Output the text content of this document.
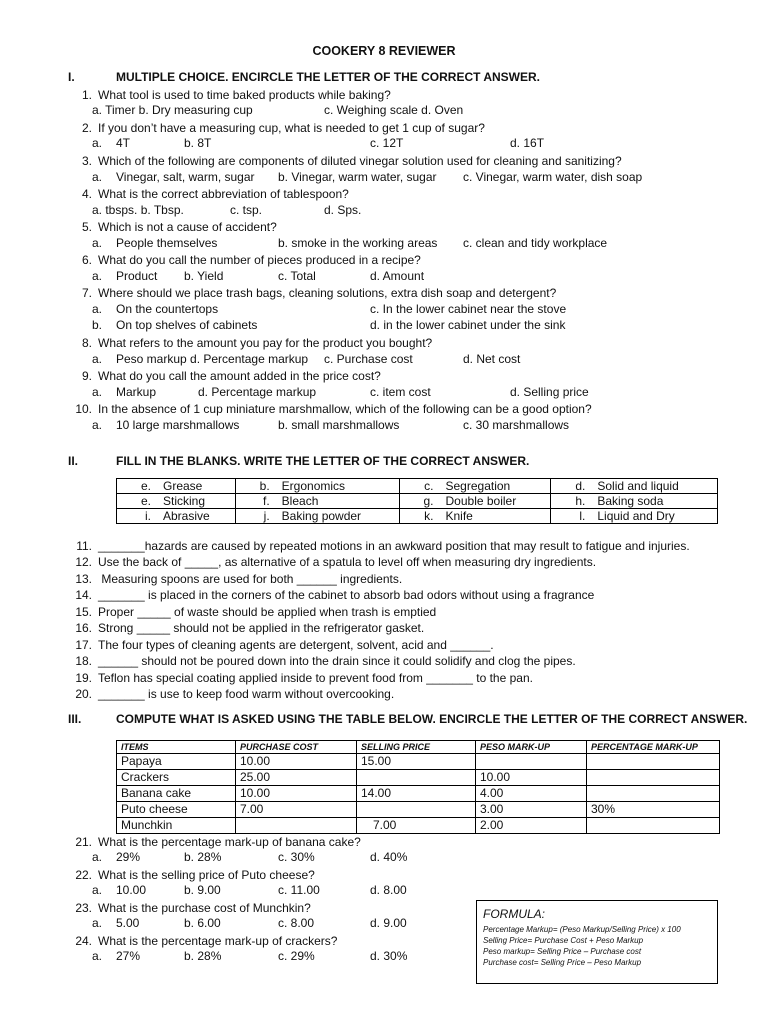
COOKERY 8 REVIEWER
I.	MULTIPLE CHOICE. ENCIRCLE THE LETTER OF THE CORRECT ANSWER.
1. What tool is used to time baked products while baking?
a. Timer b. Dry measuring cup	c. Weighing scale d. Oven
2. If you don’t have a measuring cup, what is needed to get 1 cup of sugar?
a. 4T	b. 8T	c. 12T	d. 16T
3. Which of the following are components of diluted vinegar solution used for cleaning and sanitizing?
a. Vinegar, salt, warm, sugar b. Vinegar, warm water, sugar c. Vinegar, warm water, dish soap
4. What is the correct abbreviation of tablespoon?
a. tbsps. b. Tbsp.	c. tsp.	d. Sps.
5. Which is not a cause of accident?
a. People themselves	b. smoke in the working areas c. clean and tidy workplace
6. What do you call the number of pieces produced in a recipe?
a. Product b. Yield	c. Total	d. Amount
7. Where should we place trash bags, cleaning solutions, extra dish soap and detergent?
a. On the countertops	c. In the lower cabinet near the stove
b. On top shelves of cabinets	d. in the lower cabinet under the sink
8. What refers to the amount you pay for the product you bought?
a. Peso markup d. Percentage markup c. Purchase cost	d. Net cost
9. What do you call the amount added in the price cost?
a. Markup	d. Percentage markup	c. item cost	d. Selling price
10. In the absence of 1 cup miniature marshmallow, which of the following can be a good option?
a. 10 large marshmallows	b. small marshmallows	c. 30 marshmallows
II.	FILL IN THE BLANKS. WRITE THE LETTER OF THE CORRECT ANSWER.
e.	Grease	b.	Ergonomics	c.	Segregation	d.	Solid and liquid
e.	Sticking	f.	Bleach	g.	Double boiler	h.	Baking soda
i.	Abrasive	j.	Baking powder	k.	Knife	l.	Liquid and Dry
11. _______hazards are caused by repeated motions in an awkward position that may result to fatigue and injuries.
12. Use the back of _____, as alternative of a spatula to level off when measuring dry ingredients.
13. Measuring spoons are used for both ______ ingredients.
14. _______ is placed in the corners of the cabinet to absorb bad odors without using a fragrance
15. Proper _____ of waste should be applied when trash is emptied
16. Strong _____ should not be applied in the refrigerator gasket.
17. The four types of cleaning agents are detergent, solvent, acid and ______.
18. ______ should not be poured down into the drain since it could solidify and clog the pipes.
19. Teflon has special coating applied inside to prevent food from _______ to the pan.
20. _______ is use to keep food warm without overcooking.
III.	COMPUTE WHAT IS ASKED USING THE TABLE BELOW. ENCIRCLE THE LETTER OF THE CORRECT ANSWER.
ITEMS	PURCHASE COST	SELLING PRICE	PESO MARK-UP	PERCENTAGE MARK-UP
Papaya	10.00	15.00		
Crackers	25.00		10.00	
Banana cake	10.00	14.00	4.00	
Puto cheese	7.00		3.00	30%
Munchkin		7.00	2.00	
21. What is the percentage mark-up of banana cake?
a. 29%	b. 28%	c. 30%	d. 40%
22. What is the selling price of Puto cheese?
a. 10.00	b. 9.00	c. 11.00	d. 8.00
23. What is the purchase cost of Munchkin?
a. 5.00	b. 6.00	c. 8.00	d. 9.00
24. What is the percentage mark-up of crackers?
a. 27%	b. 28%	c. 29%	d. 30%
FORMULA:
Percentage Markup= (Peso Markup/Selling Price) x 100
Selling Price= Purchase Cost + Peso Markup
Peso markup= Selling Price – Purchase cost
Purchase cost= Selling Price – Peso Markup
